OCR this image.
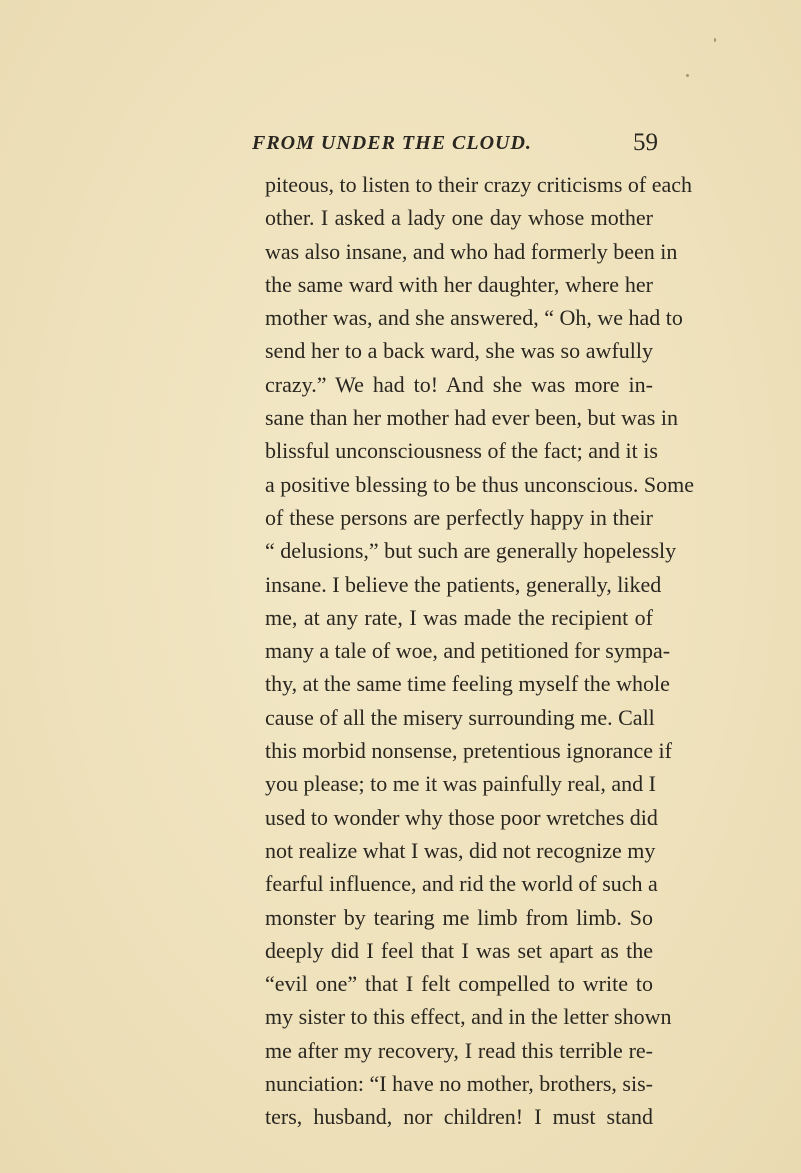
FROM UNDER THE CLOUD.	59
piteous, to listen to their crazy criticisms of each
other. I asked a lady one day whose mother
was also insane, and who had formerly been in
the same ward with her daughter, where her
mother was, and she answered, “ Oh, we had to
send her to a back ward, she was so awfully
crazy.” We had to! And she was more in-
sane than her mother had ever been, but was in
blissful unconsciousness of the fact; and it is
a positive blessing to be thus unconscious. Some
of these persons are perfectly happy in their
“ delusions,” but such are generally hopelessly
insane. I believe the patients, generally, liked
me, at any rate, I was made the recipient of
many a tale of woe, and petitioned for sympa-
thy, at the same time feeling myself the whole
cause of all the misery surrounding me. Call
this morbid nonsense, pretentious ignorance if
you please; to me it was painfully real, and I
used to wonder why those poor wretches did
not realize what I was, did not recognize my
fearful influence, and rid the world of such a
monster by tearing me limb from limb. So
deeply did I feel that I was set apart as the
“evil one” that I felt compelled to write to
my sister to this effect, and in the letter shown
me after my recovery, I read this terrible re-
nunciation: “I have no mother, brothers, sis-
ters, husband, nor children! I must stand
